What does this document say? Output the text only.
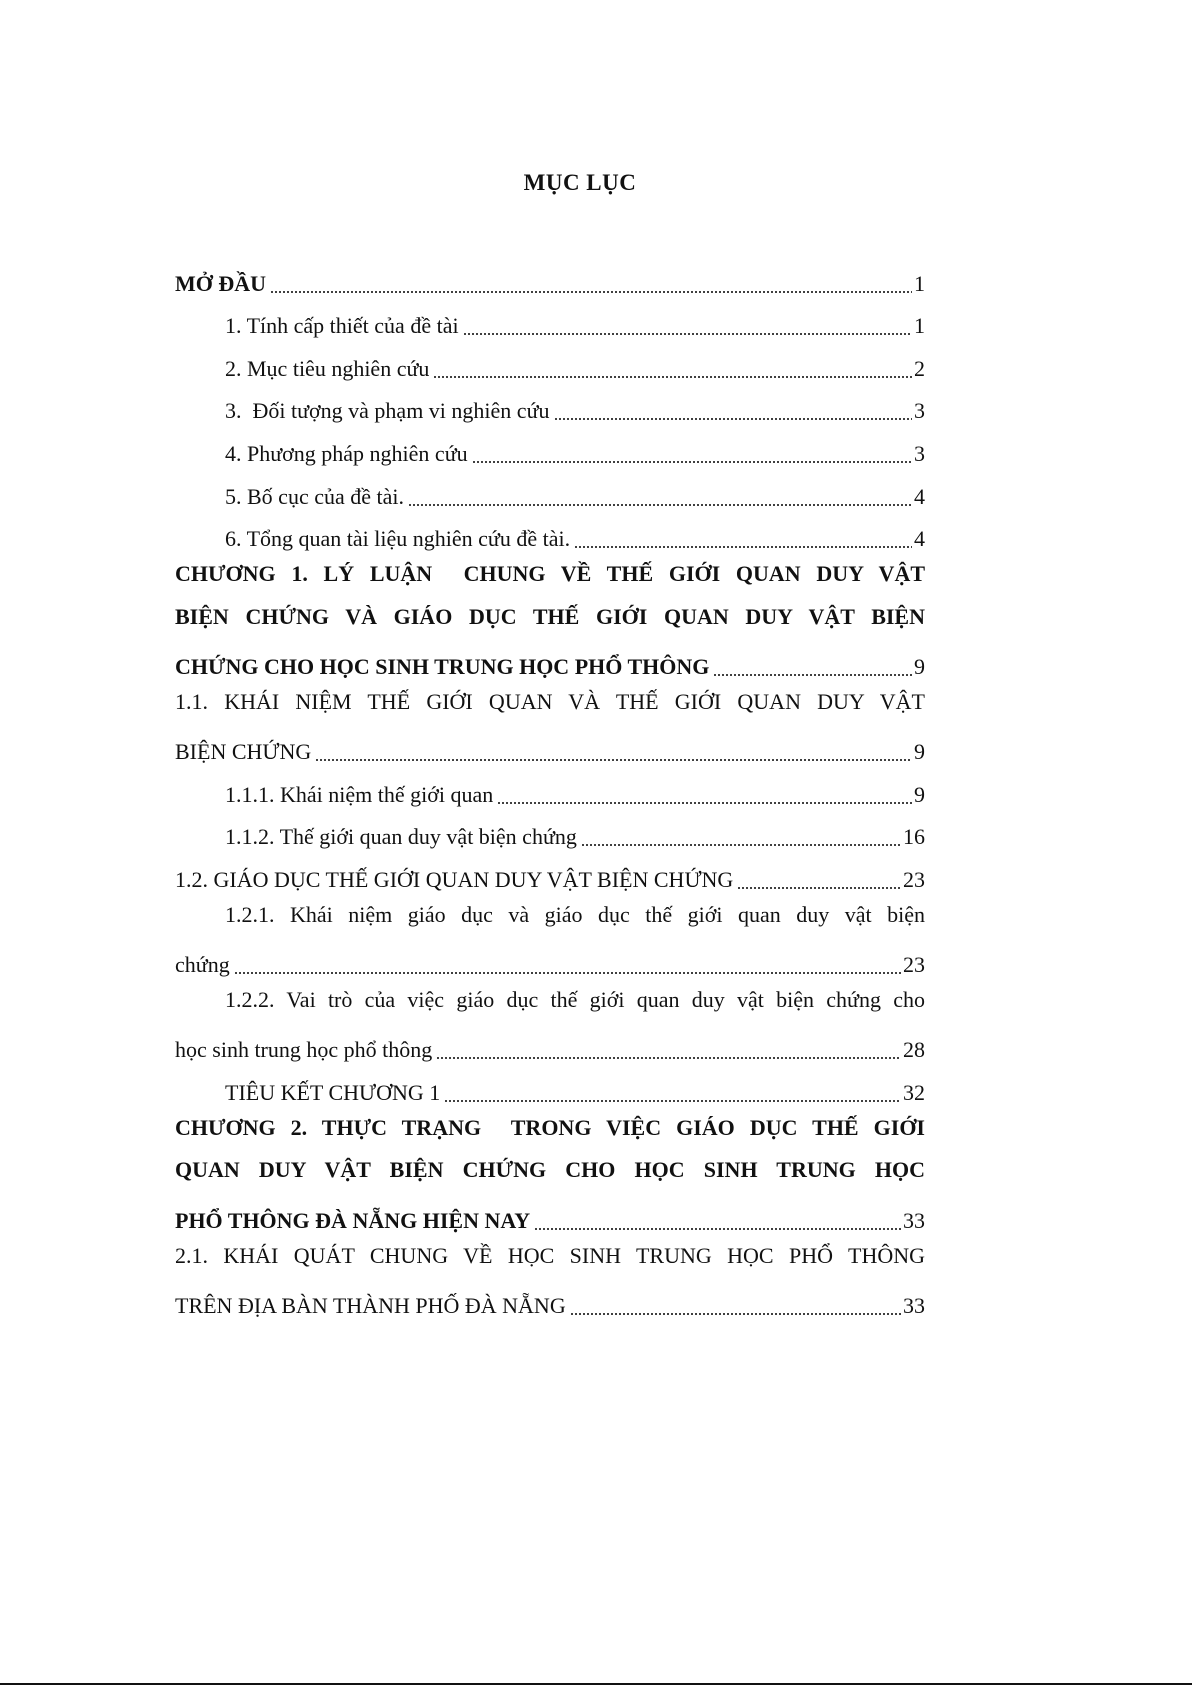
MỤC LỤC
MỞ ĐẦU	1
1. Tính cấp thiết của đề tài	1
2. Mục tiêu nghiên cứu	2
3.  Đối tượng và phạm vi nghiên cứu	3
4. Phương pháp nghiên cứu	3
5. Bố cục của đề tài.	4
6. Tổng quan tài liệu nghiên cứu đề tài.	4
CHƯƠNG 1. LÝ LUẬN  CHUNG VỀ THẾ GIỚI QUAN DUY VẬT
BIỆN CHỨNG VÀ GIÁO DỤC THẾ GIỚI QUAN DUY VẬT BIỆN
CHỨNG CHO HỌC SINH TRUNG HỌC PHỔ THÔNG	9
1.1. KHÁI NIỆM THẾ GIỚI QUAN VÀ THẾ GIỚI QUAN DUY VẬT
BIỆN CHỨNG	9
1.1.1. Khái niệm thế giới quan	9
1.1.2. Thế giới quan duy vật biện chứng	16
1.2. GIÁO DỤC THẾ GIỚI QUAN DUY VẬT BIỆN CHỨNG	23
1.2.1. Khái niệm giáo dục và giáo dục thế giới quan duy vật biện
chứng	23
1.2.2. Vai trò của việc giáo dục thế giới quan duy vật biện chứng cho
học sinh trung học phổ thông	28
TIÊU KẾT CHƯƠNG 1	32
CHƯƠNG 2. THỰC TRẠNG  TRONG VIỆC GIÁO DỤC THẾ GIỚI
QUAN DUY VẬT BIỆN CHỨNG CHO HỌC SINH TRUNG HỌC
PHỔ THÔNG ĐÀ NẴNG HIỆN NAY	33
2.1. KHÁI QUÁT CHUNG VỀ HỌC SINH TRUNG HỌC PHỔ THÔNG
TRÊN ĐỊA BÀN THÀNH PHỐ ĐÀ NẴNG	33
